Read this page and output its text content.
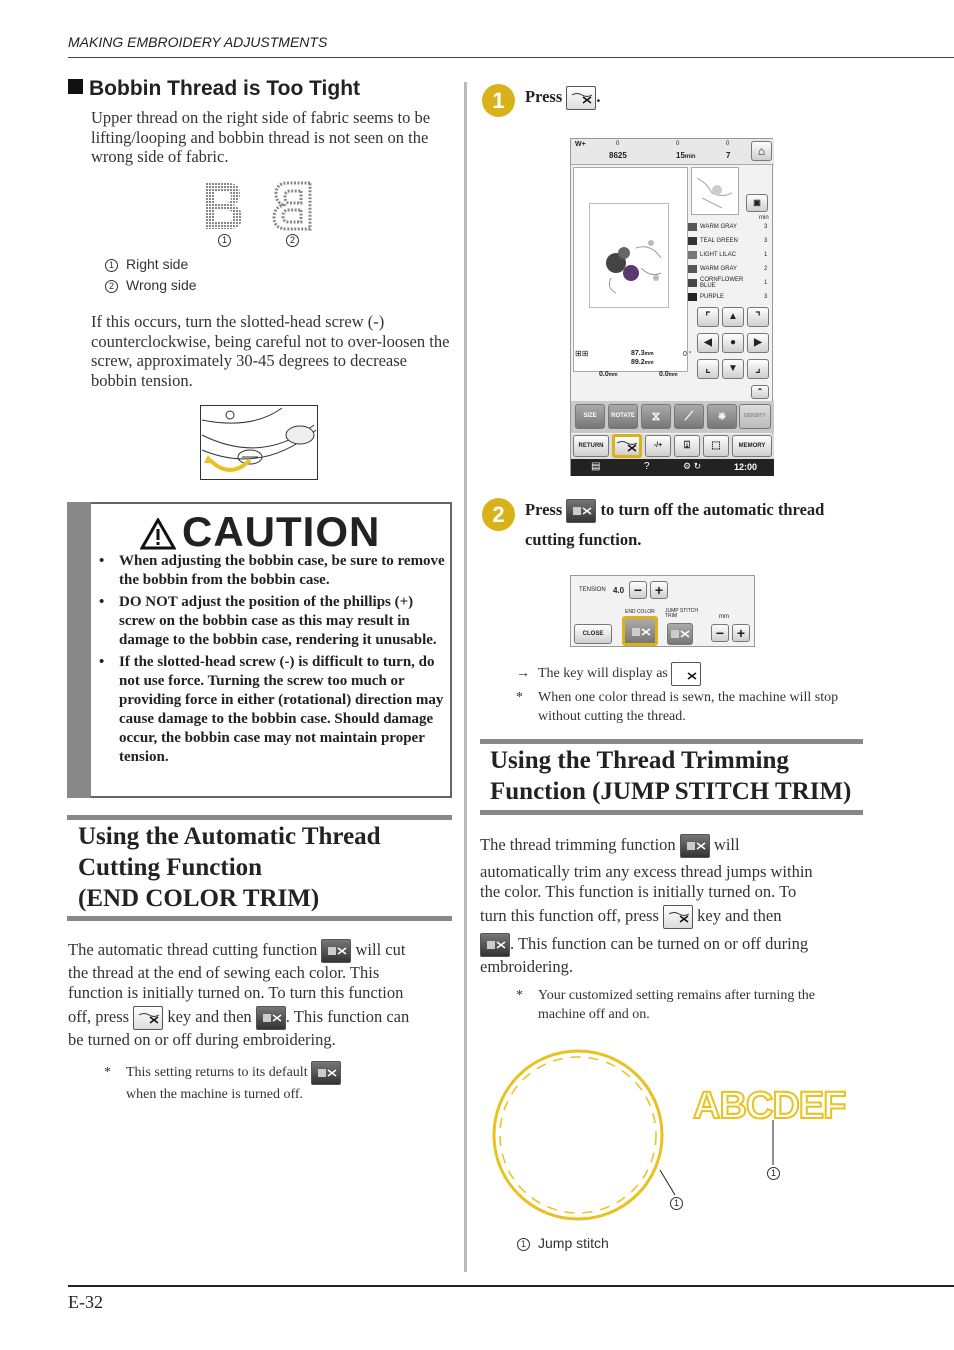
MAKING EMBROIDERY ADJUSTMENTS
E-32
Bobbin Thread is Too Tight
Upper thread on the right side of fabric seems to be lifting/looping and bobbin thread is not seen on the wrong side of fabric.
1	2
1 Right side
2 Wrong side
If this occurs, turn the slotted-head screw (-) counterclockwise, being careful not to over-loosen the screw, approximately 30-45 degrees to decrease bobbin tension.
CAUTION
• When adjusting the bobbin case, be sure to remove the bobbin from the bobbin case.
• DO NOT adjust the position of the phillips (+) screw on the bobbin case as this may result in damage to the bobbin case, rendering it unusable.
• If the slotted-head screw (-) is difficult to turn, do not use force. Turning the screw too much or providing force in either (rotational) direction may cause damage to the bobbin case. Should damage occur, the bobbin case may not maintain proper tension.
Using the Automatic Thread
Cutting Function
(END COLOR TRIM)
The automatic thread cutting function will cut
the thread at the end of sewing each color. This
function is initially turned on. To turn this function
off, press key and then . This function can
be turned on or off during embroidering.
* This setting returns to its default
when the machine is turned off.
1	Press .
W+	0
8625
0
15min
0
7	⌂
▣
min
WARM GRAY	3
TEAL GREEN	3
LIGHT LILAC	1
WARM GRAY	2
CORNFLOWER BLUE	1
PURPLE	3
⌜	▲	⌝
◀	●	▶
⌞	▼	⌟
⊞⊞	87.3mm
89.2mm
0 °
0.0mm	0.0mm
⌃
SIZE	ROTATE	⧖	⟋	⎈	DENSITY
RETURN	-/+	⍗	⬚	MEMORY
▤	?	⚙ ↻	12:00
2	Press to turn off the automatic thread
cutting function.
TENSION 4.0 − +
END COLOR JUMP STITCH TRIM	mm
CLOSE	− +
→ The key will display as
*	When one color thread is sewn, the machine will stop without cutting the thread.
Using the Thread Trimming
Function (JUMP STITCH TRIM)
The thread trimming function will
automatically trim any excess thread jumps within
the color. This function is initially turned on. To
turn this function off, press key and then
. This function can be turned on or off during
embroidering.
*	Your customized setting remains after turning the machine off and on.
ABCDEF
1
1
1 Jump stitch
